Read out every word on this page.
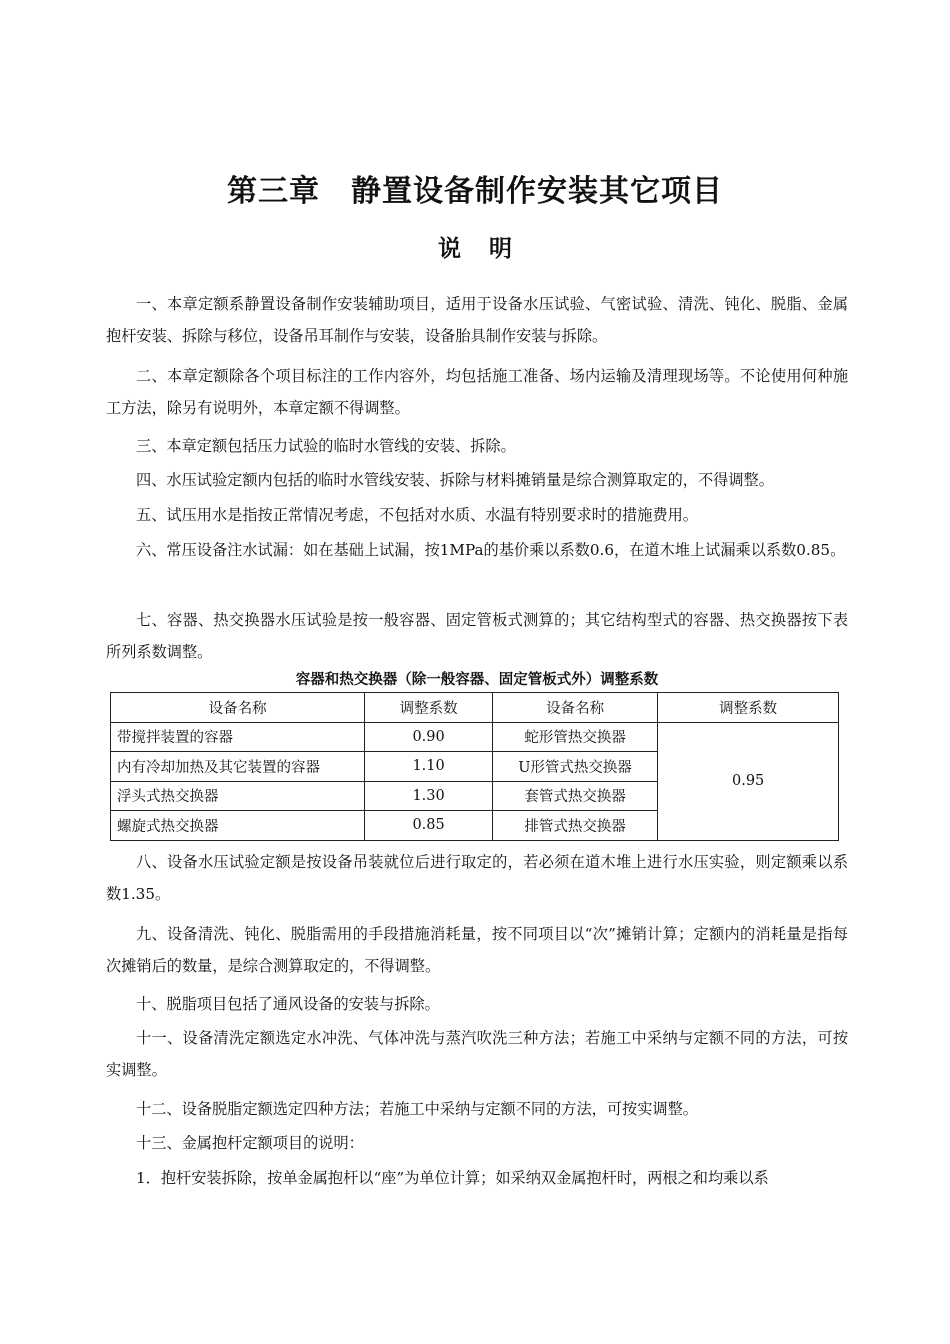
第三章　静置设备制作安装其它项目
说明

一、本章定额系静置设备制作安装辅助项目，适用于设备水压试验、气密试验、清洗、钝化、脱脂、金属抱杆安装、拆除与移位，设备吊耳制作与安装，设备胎具制作安装与拆除。

二、本章定额除各个项目标注的工作内容外，均包括施工准备、场内运输及清理现场等。不论使用何种施工方法，除另有说明外，本章定额不得调整。

三、本章定额包括压力试验的临时水管线的安装、拆除。

四、水压试验定额内包括的临时水管线安装、拆除与材料摊销量是综合测算取定的，不得调整。

五、试压用水是指按正常情况考虑，不包括对水质、水温有特别要求时的措施费用。

六、常压设备注水试漏：如在基础上试漏，按1MPa的基价乘以系数0.6，在道木堆上试漏乘以系数0.85。

七、容器、热交换器水压试验是按一般容器、固定管板式测算的；其它结构型式的容器、热交换器按下表所列系数调整。

容器和热交换器（除一般容器、固定管板式外）调整系数

设备名称	调整系数	设备名称	调整系数
带搅拌装置的容器	0.90	蛇形管热交换器	0.95
内有冷却加热及其它装置的容器	1.10	U形管式热交换器	
浮头式热交换器	1.30	套管式热交换器	
螺旋式热交换器	0.85	排管式热交换器	

八、设备水压试验定额是按设备吊装就位后进行取定的，若必须在道木堆上进行水压实验，则定额乘以系数1.35。

九、设备清洗、钝化、脱脂需用的手段措施消耗量，按不同项目以“次”摊销计算；定额内的消耗量是指每次摊销后的数量，是综合测算取定的，不得调整。

十、脱脂项目包括了通风设备的安装与拆除。

十一、设备清洗定额选定水冲洗、气体冲洗与蒸汽吹洗三种方法；若施工中采纳与定额不同的方法，可按实调整。

十二、设备脱脂定额选定四种方法；若施工中采纳与定额不同的方法，可按实调整。

十三、金属抱杆定额项目的说明：

1．抱杆安装拆除，按单金属抱杆以“座”为单位计算；如采纳双金属抱杆时，两根之和均乘以系
